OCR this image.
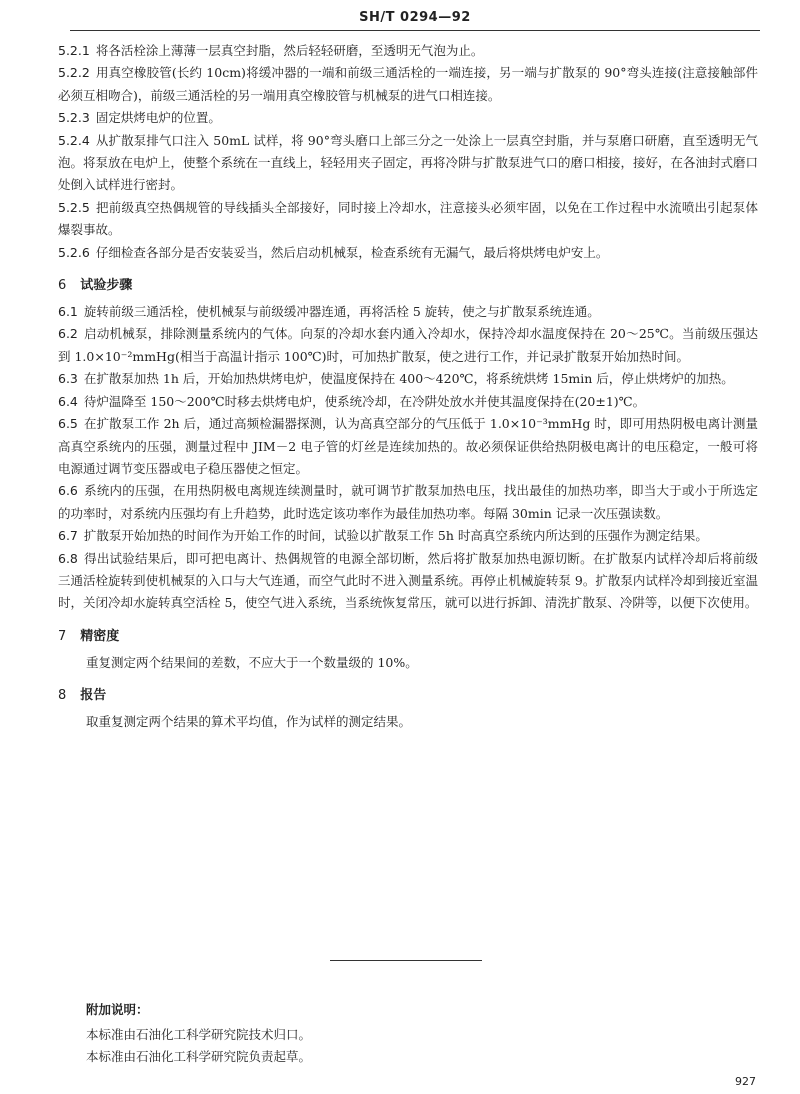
SH/T 0294—92

5.2.1 将各活栓涂上薄薄一层真空封脂，然后轻轻研磨，至透明无气泡为止。

5.2.2 用真空橡胶管(长约 10cm)将缓冲器的一端和前级三通活栓的一端连接，另一端与扩散泵的 90°弯头连接(注意接触部件必须互相吻合)，前级三通活栓的另一端用真空橡胶管与机械泵的进气口相连接。

5.2.3 固定烘烤电炉的位置。

5.2.4 从扩散泵排气口注入 50mL 试样，将 90°弯头磨口上部三分之一处涂上一层真空封脂，并与泵磨口研磨，直至透明无气泡。将泵放在电炉上，使整个系统在一直线上，轻轻用夹子固定，再将冷阱与扩散泵进气口的磨口相接，接好，在各油封式磨口处倒入试样进行密封。

5.2.5 把前级真空热偶规管的导线插头全部接好，同时接上冷却水，注意接头必须牢固，以免在工作过程中水流喷出引起泵体爆裂事故。

5.2.6 仔细检查各部分是否安装妥当，然后启动机械泵，检查系统有无漏气，最后将烘烤电炉安上。

6 试验步骤

6.1 旋转前级三通活栓，使机械泵与前级缓冲器连通，再将活栓 5 旋转，使之与扩散泵系统连通。

6.2 启动机械泵，排除测量系统内的气体。向泵的冷却水套内通入冷却水，保持冷却水温度保持在 20～25℃。当前级压强达到 1.0×10⁻²mmHg(相当于高温计指示 100℃)时，可加热扩散泵，使之进行工作，并记录扩散泵开始加热时间。

6.3 在扩散泵加热 1h 后，开始加热烘烤电炉，使温度保持在 400～420℃，将系统烘烤 15min 后，停止烘烤炉的加热。

6.4 待炉温降至 150～200℃时移去烘烤电炉，使系统冷却，在冷阱处放水并使其温度保持在(20±1)℃。

6.5 在扩散泵工作 2h 后，通过高频检漏器探测，认为高真空部分的气压低于 1.0×10⁻³mmHg 时，即可用热阴极电离计测量高真空系统内的压强，测量过程中 JIM－2 电子管的灯丝是连续加热的。故必须保证供给热阴极电离计的电压稳定，一般可将电源通过调节变压器或电子稳压器使之恒定。

6.6 系统内的压强，在用热阴极电离规连续测量时，就可调节扩散泵加热电压，找出最佳的加热功率，即当大于或小于所选定的功率时，对系统内压强均有上升趋势，此时选定该功率作为最佳加热功率。每隔 30min 记录一次压强读数。

6.7 扩散泵开始加热的时间作为开始工作的时间，试验以扩散泵工作 5h 时高真空系统内所达到的压强作为测定结果。

6.8 得出试验结果后，即可把电离计、热偶规管的电源全部切断，然后将扩散泵加热电源切断。在扩散泵内试样冷却后将前级三通活栓旋转到使机械泵的入口与大气连通，而空气此时不进入测量系统。再停止机械旋转泵 9。扩散泵内试样冷却到接近室温时，关闭冷却水旋转真空活栓 5，使空气进入系统，当系统恢复常压，就可以进行拆卸、清洗扩散泵、冷阱等，以便下次使用。

7 精密度

重复测定两个结果间的差数，不应大于一个数量级的 10%。

8 报告

取重复测定两个结果的算术平均值，作为试样的测定结果。

附加说明：
本标准由石油化工科学研究院技术归口。
本标准由石油化工科学研究院负责起草。
927
